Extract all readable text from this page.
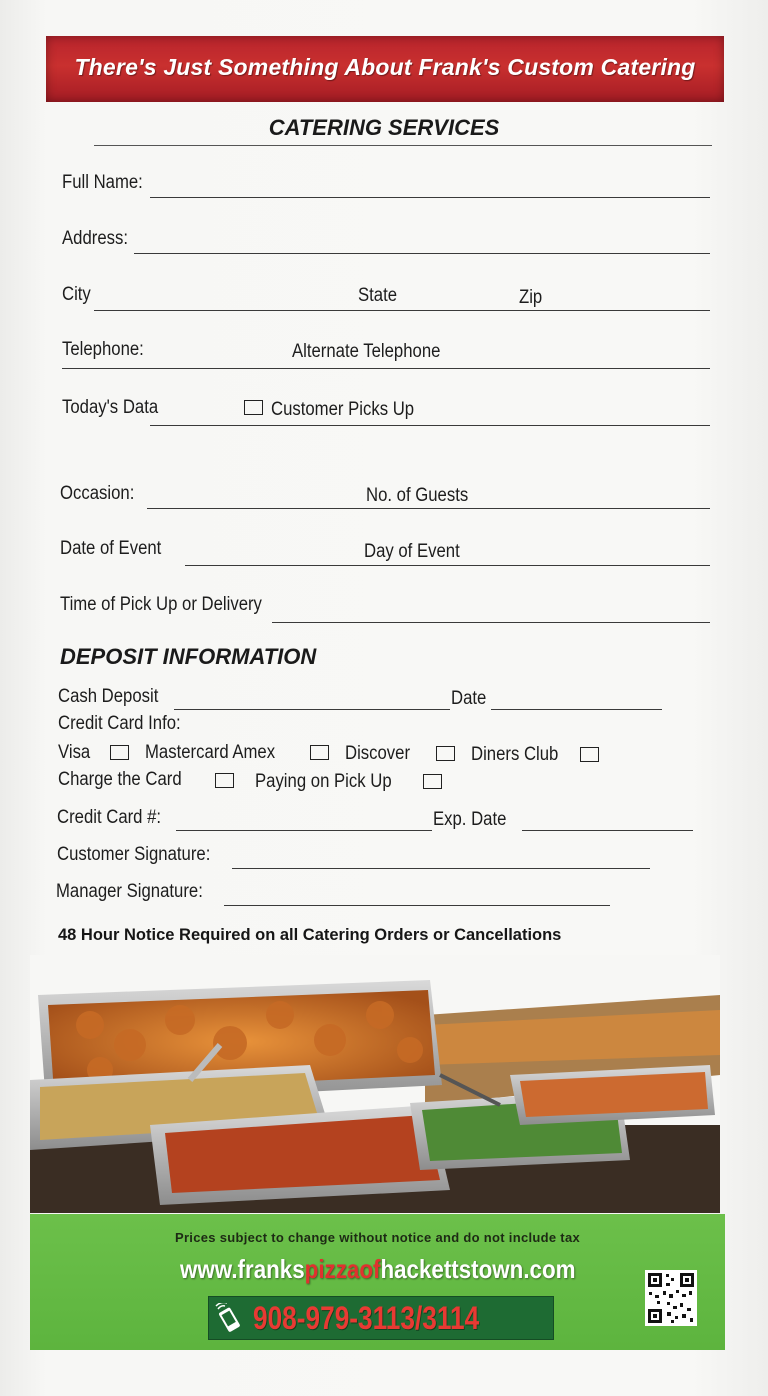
There's Just Something About Frank's Custom Catering
CATERING SERVICES
Full Name:
Address:
City	State	Zip
Telephone:	Alternate Telephone
Today's Data	Customer Picks Up
Occasion:	No. of Guests
Date of Event	Day of Event
Time of Pick Up or Delivery
DEPOSIT INFORMATION
Cash Deposit	Date
Credit Card Info:
Visa	Mastercard Amex	Discover	Diners Club
Charge the Card	Paying on Pick Up
Credit Card #:	Exp. Date
Customer Signature:
Manager Signature:
48 Hour Notice Required on all Catering Orders or Cancellations
Prices subject to change without notice and do not include tax
www.frankspizzaofhackettstown.com
908-979-3113/3114
